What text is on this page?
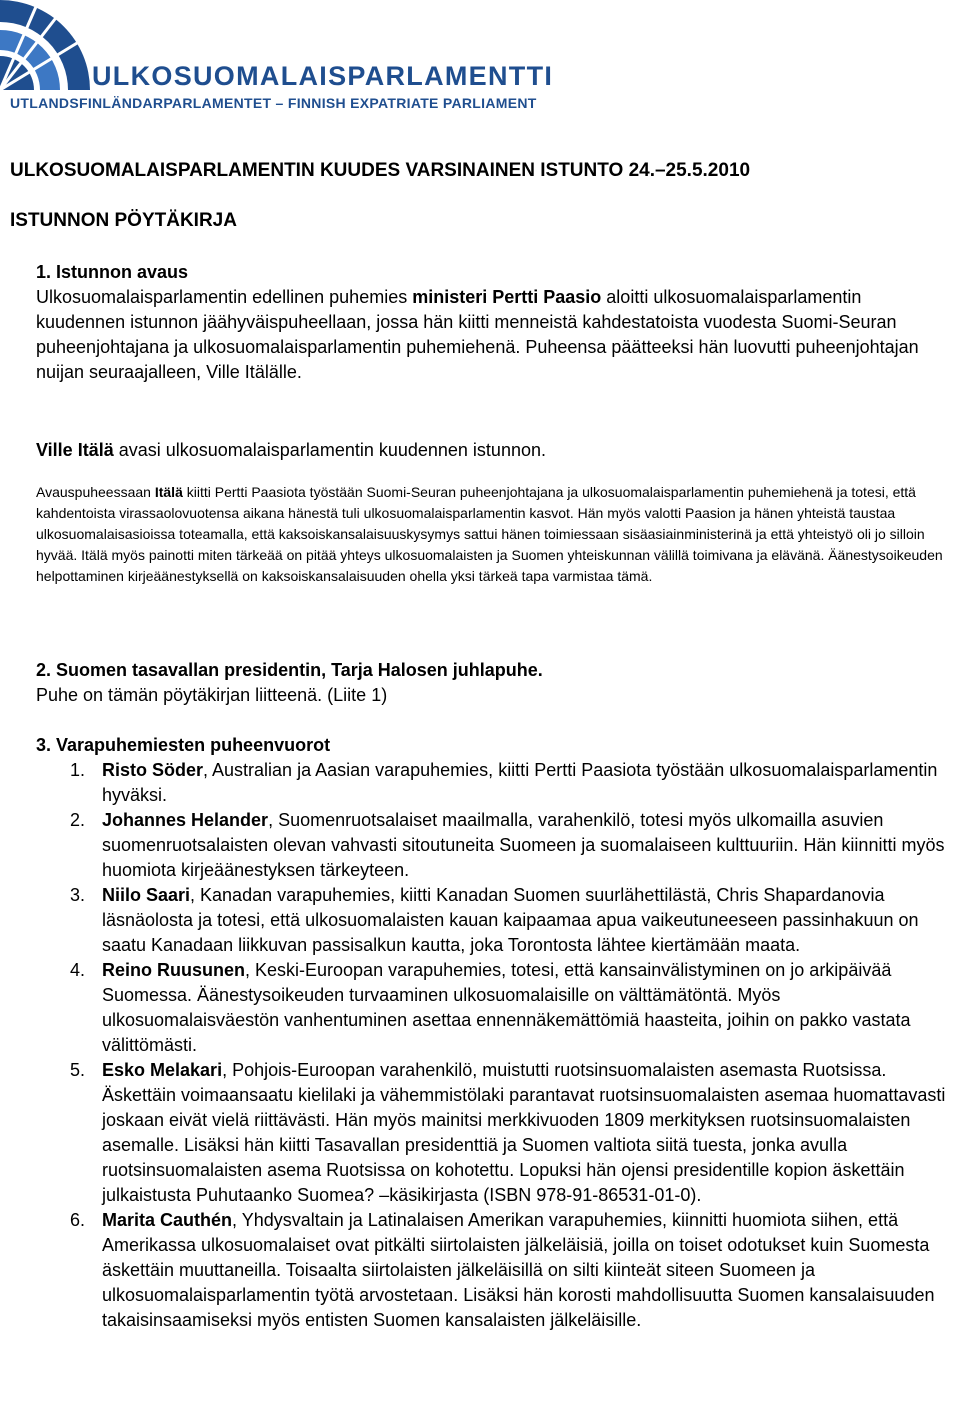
ULKOSUOMALAISPARLAMENTTI
UTLANDSFINLÄNDARPARLAMENTET – FINNISH EXPATRIATE PARLIAMENT
ULKOSUOMALAISPARLAMENTIN KUUDES VARSINAINEN ISTUNTO 24.–25.5.2010
ISTUNNON PÖYTÄKIRJA
1. Istunnon avaus

Ulkosuomalaisparlamentin edellinen puhemies ministeri Pertti Paasio aloitti ulkosuomalaisparlamentin kuudennen istunnon jäähyväispuheellaan, jossa hän kiitti menneistä kahdestatoista vuodesta Suomi-Seuran puheenjohtajana ja ulkosuomalaisparlamentin puhemiehenä. Puheensa päätteeksi hän luovutti puheenjohtajan nuijan seuraajalleen, Ville Itälälle.

Ville Itälä avasi ulkosuomalaisparlamentin kuudennen istunnon.

Avauspuheessaan Itälä kiitti Pertti Paasiota työstään Suomi-Seuran puheenjohtajana ja ulkosuomalaisparlamentin puhemiehenä ja totesi, että kahdentoista virassaolovuotensa aikana hänestä tuli ulkosuomalaisparlamentin kasvot. Hän myös valotti Paasion ja hänen yhteistä taustaa ulkosuomalaisasioissa toteamalla, että kaksoiskansalaisuuskysymys sattui hänen toimiessaan sisäasiainministerinä ja että yhteistyö oli jo silloin hyvää. Itälä myös painotti miten tärkeää on pitää yhteys ulkosuomalaisten ja Suomen yhteiskunnan välillä toimivana ja elävänä. Äänestysoikeuden helpottaminen kirjeäänestyksellä on kaksoiskansalaisuuden ohella yksi tärkeä tapa varmistaa tämä.

2. Suomen tasavallan presidentin, Tarja Halosen juhlapuhe.

Puhe on tämän pöytäkirjan liitteenä. (Liite 1)

3. Varapuhemiesten puheenvuorot
1. Risto Söder, Australian ja Aasian varapuhemies, kiitti Pertti Paasiota työstään ulkosuomalaisparlamentin hyväksi.
2. Johannes Helander, Suomenruotsalaiset maailmalla, varahenkilö, totesi myös ulkomailla asuvien suomenruotsalaisten olevan vahvasti sitoutuneita Suomeen ja suomalaiseen kulttuuriin. Hän kiinnitti myös huomiota kirjeäänestyksen tärkeyteen.
3. Niilo Saari, Kanadan varapuhemies, kiitti Kanadan Suomen suurlähettilästä, Chris Shapardanovia läsnäolosta ja totesi, että ulkosuomalaisten kauan kaipaamaa apua vaikeutuneeseen passinhakuun on saatu Kanadaan liikkuvan passisalkun kautta, joka Torontosta lähtee kiertämään maata.
4. Reino Ruusunen, Keski-Euroopan varapuhemies, totesi, että kansainvälistyminen on jo arkipäivää Suomessa. Äänestysoikeuden turvaaminen ulkosuomalaisille on välttämätöntä. Myös ulkosuomalaisväestön vanhentuminen asettaa ennennäkemättömiä haasteita, joihin on pakko vastata välittömästi.
5. Esko Melakari, Pohjois-Euroopan varahenkilö, muistutti ruotsinsuomalaisten asemasta Ruotsissa. Äskettäin voimaansaatu kielilaki ja vähemmistölaki parantavat ruotsinsuomalaisten asemaa huomattavasti joskaan eivät vielä riittävästi. Hän myös mainitsi merkkivuoden 1809 merkityksen ruotsinsuomalaisten asemalle. Lisäksi hän kiitti Tasavallan presidenttiä ja Suomen valtiota siitä tuesta, jonka avulla ruotsinsuomalaisten asema Ruotsissa on kohotettu. Lopuksi hän ojensi presidentille kopion äskettäin julkaistusta Puhutaanko Suomea? –käsikirjasta (ISBN 978-91-86531-01-0).
6. Marita Cauthén, Yhdysvaltain ja Latinalaisen Amerikan varapuhemies, kiinnitti huomiota siihen, että Amerikassa ulkosuomalaiset ovat pitkälti siirtolaisten jälkeläisiä, joilla on toiset odotukset kuin Suomesta äskettäin muuttaneilla. Toisaalta siirtolaisten jälkeläisillä on silti kiinteät siteen Suomeen ja ulkosuomalaisparlamentin työtä arvostetaan. Lisäksi hän korosti mahdollisuutta Suomen kansalaisuuden takaisinsaamiseksi myös entisten Suomen kansalaisten jälkeläisille.
